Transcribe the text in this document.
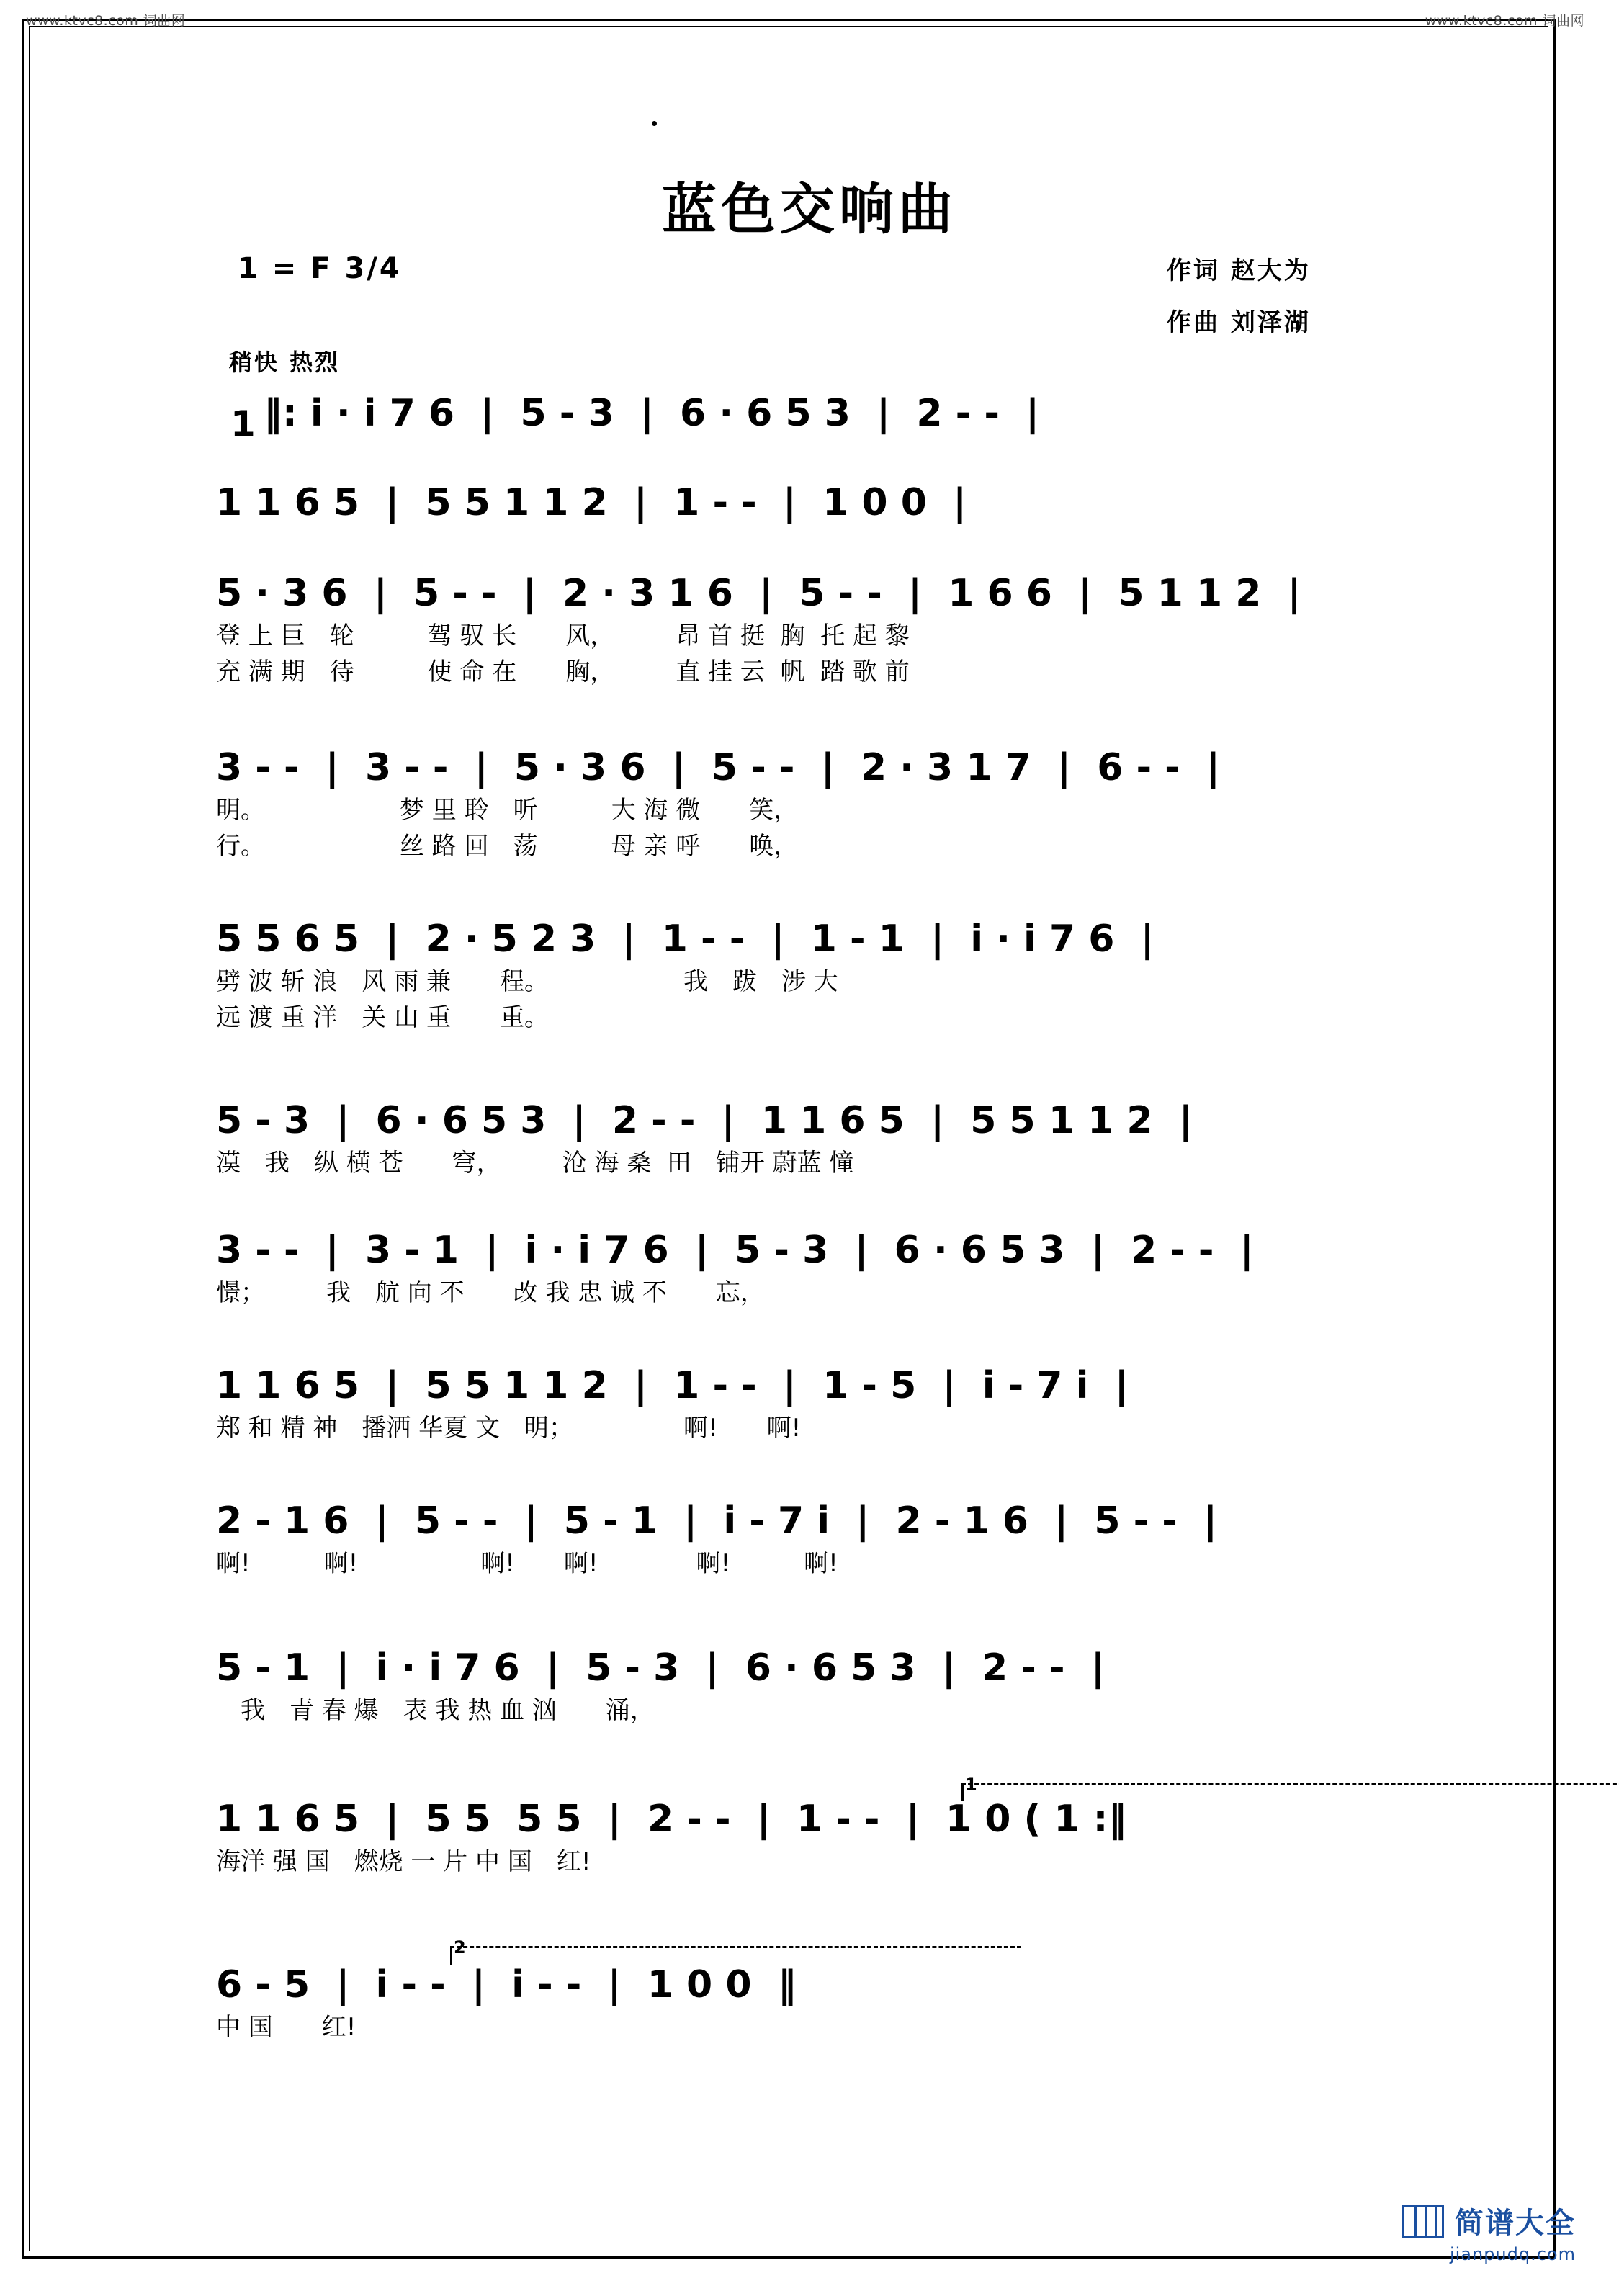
www.ktvc8.com 词曲网	www.ktvc8.com 词曲网
蓝色交响曲
1 = F 3/4	作词 赵大为
作曲 刘泽湖
稍快 热烈
1 ‖: i · i 7 6  |  5 - 3  |  6 · 6 5 3  |  2 - -  |
1 1 6 5  |  5 5 1 1 2  |  1 - -  |  1 0 0  |
5 · 3 6  |  5 - -  |  2 · 3 1 6  |  5 - -  |  1 6 6  |  5 1 1 2  |
登 上 巨　轮　　　驾 驭 长　　风，　　　昂 首 挺  胸  托 起 黎
充 满 期　待　　　使 命 在　　胸，　　　直 挂 云  帆  踏 歌 前
3 - -  |  3 - -  |  5 · 3 6  |  5 - -  |  2 · 3 1 7  |  6 - -  |
明。　　　　　　梦 里 聆　听　　　大 海 微　　笑，
行。　　　　　　丝 路 回　荡　　　母 亲 呼　　唤，
5 5 6 5  |  2 · 5 2 3  |  1 - -  |  1 - 1  |  i · i 7 6  |
劈 波 斩 浪　风 雨 兼　　程。　　　　　　我　跋　涉 大
远 渡 重 洋　关 山 重　　重。
5 - 3  |  6 · 6 5 3  |  2 - -  |  1 1 6 5  |  5 5 1 1 2  |
漠　我　纵 横 苍　　穹，　　　沧 海 桑  田　铺开 蔚蓝 憧
3 - -  |  3 - 1  |  i · i 7 6  |  5 - 3  |  6 · 6 5 3  |  2 - -  |
憬；　　　我　航 向 不　　改 我 忠 诚 不　　忘，
1 1 6 5  |  5 5 1 1 2  |  1 - -  |  1 - 5  |  i - 7 i  |
郑 和 精 神　播洒 华夏 文　明；　　　　　啊!　　啊!
2 - 1 6  |  5 - -  |  5 - 1  |  i - 7 i  |  2 - 1 6  |  5 - -  |
啊!　　　啊!　　　　　啊!　　啊!　　　　啊!　　　啊!
5 - 1  |  i · i 7 6  |  5 - 3  |  6 · 6 5 3  |  2 - -  |
　我　青 春 爆　表 我 热 血 汹　　涌，
1
1 1 6 5  |  5 5  5 5  |  2 - -  |  1 - -  |  1 0 ( 1 :‖
海洋 强 国　燃烧 一 片 中 国　红!
2
6 - 5  |  i - -  |  i - -  |  1 0 0  ‖
中 国　　红!
简谱大全
jianpudq.com
